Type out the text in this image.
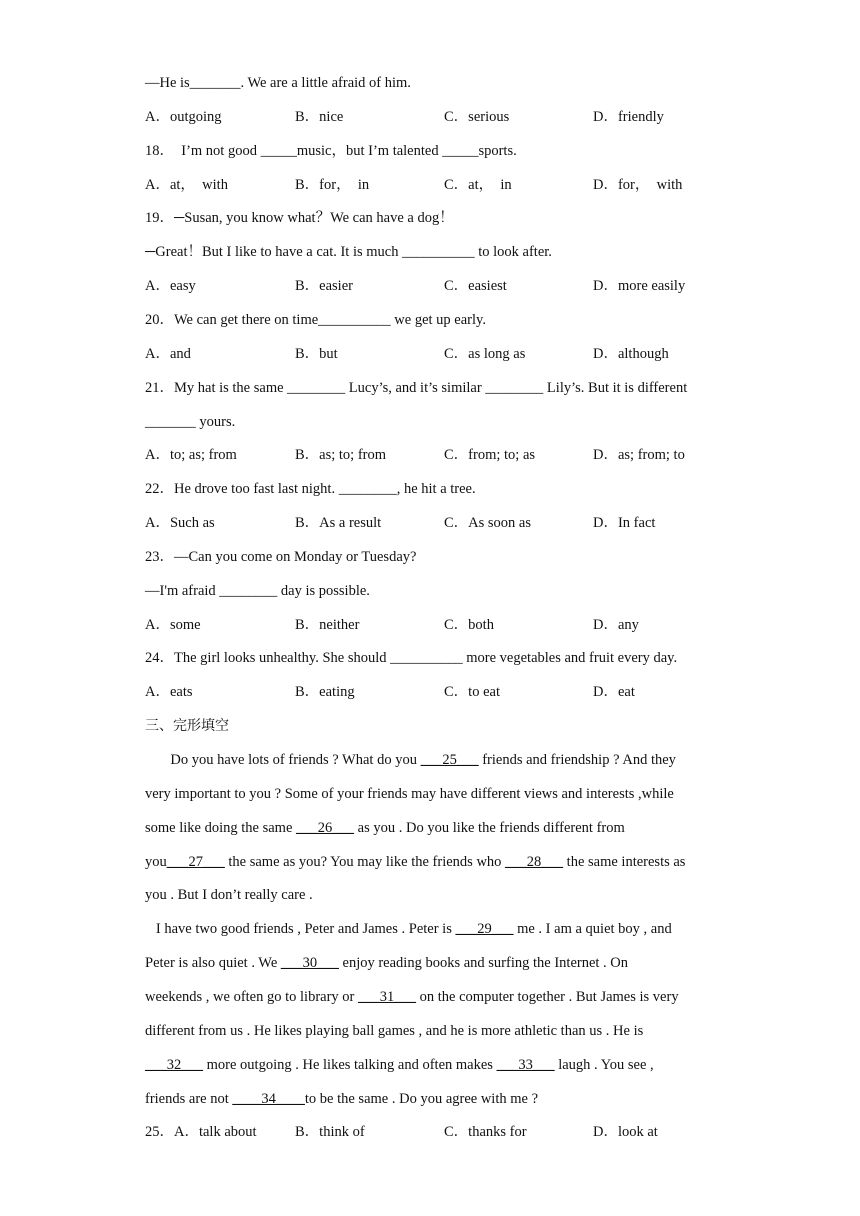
—He is_______. We are a little afraid of him.
A．outgoing	B．nice	C．serious	D．friendly
18．  I’m not good _____music，but I’m talented _____sports.
A．at，  with	B．for，  in	C．at，  in	D．for，  with
19．─Susan, you know what？We can have a dog！
─Great！But I like to have a cat. It is much __________ to look after.
A．easy	B．easier	C．easiest	D．more easily
20．We can get there on time__________ we get up early.
A．and	B．but	C．as long as	D．although
21．My hat is the same ________ Lucy’s, and it’s similar ________ Lily’s. But it is different
_______ yours.
A．to; as; from	B．as; to; from	C．from; to; as	D．as; from; to
22．He drove too fast last night. ________, he hit a tree.
A．Such as	B．As a result	C．As soon as	D．In fact
23．—Can you come on Monday or Tuesday?
—I'm afraid ________ day is possible.
A．some	B．neither	C．both	D．any
24．The girl looks unhealthy. She should __________ more vegetables and fruit every day.
A．eats	B．eating	C．to eat	D．eat
三、完形填空
Do you have lots of friends ? What do you ___25___ friends and friendship ? And they
very important to you ? Some of your friends may have different views and interests ,while
some like doing the same ___26___ as you . Do you like the friends different from
you___27___ the same as you? You may like the friends who ___28___ the same interests as
you . But I don’t really care .
I have two good friends , Peter and James . Peter is ___29___ me . I am a quiet boy , and
Peter is also quiet . We ___30___ enjoy reading books and surfing the Internet . On
weekends , we often go to library or ___31___ on the computer together . But James is very
different from us . He likes playing ball games , and he is more athletic than us . He is
___32___ more outgoing . He likes talking and often makes ___33___ laugh . You see ,
friends are not ____34____to be the same . Do you agree with me ?
25．A．talk about	B．think of	C．thanks for	D．look at
